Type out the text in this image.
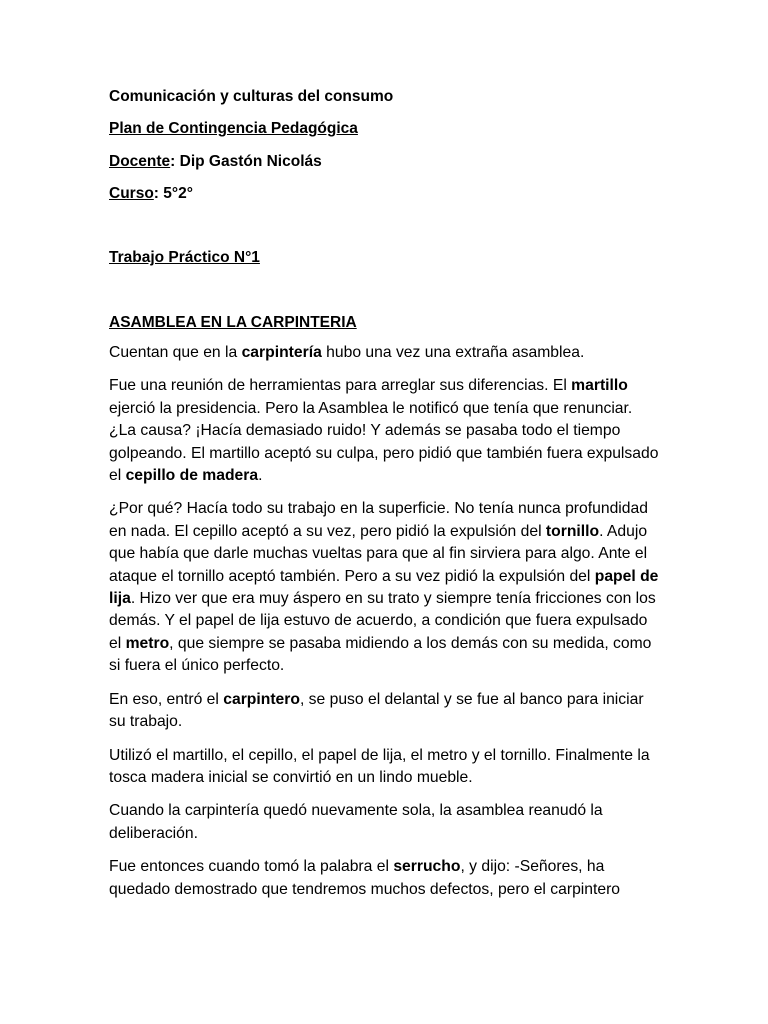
Comunicación y culturas del consumo

Plan de Contingencia Pedagógica

Docente: Dip Gastón Nicolás

Curso: 5°2°

Trabajo Práctico N°1

ASAMBLEA EN LA CARPINTERIA

Cuentan que en la carpintería hubo una vez una extraña asamblea.

Fue una reunión de herramientas para arreglar sus diferencias. El martillo ejerció la presidencia. Pero la Asamblea le notificó que tenía que renunciar. ¿La causa? ¡Hacía demasiado ruido! Y además se pasaba todo el tiempo golpeando. El martillo aceptó su culpa, pero pidió que también fuera expulsado el cepillo de madera.

¿Por qué? Hacía todo su trabajo en la superficie. No tenía nunca profundidad en nada. El cepillo aceptó a su vez, pero pidió la expulsión del tornillo. Adujo que había que darle muchas vueltas para que al fin sirviera para algo. Ante el ataque el tornillo aceptó también. Pero a su vez pidió la expulsión del papel de lija. Hizo ver que era muy áspero en su trato y siempre tenía fricciones con los demás. Y el papel de lija estuvo de acuerdo, a condición que fuera expulsado el metro, que siempre se pasaba midiendo a los demás con su medida, como si fuera el único perfecto.

En eso, entró el carpintero, se puso el delantal y se fue al banco para iniciar su trabajo.

Utilizó el martillo, el cepillo, el papel de lija, el metro y el tornillo. Finalmente la tosca madera inicial se convirtió en un lindo mueble.

Cuando la carpintería quedó nuevamente sola, la asamblea reanudó la deliberación.

Fue entonces cuando tomó la palabra el serrucho, y dijo: -Señores, ha quedado demostrado que tendremos muchos defectos, pero el carpintero
